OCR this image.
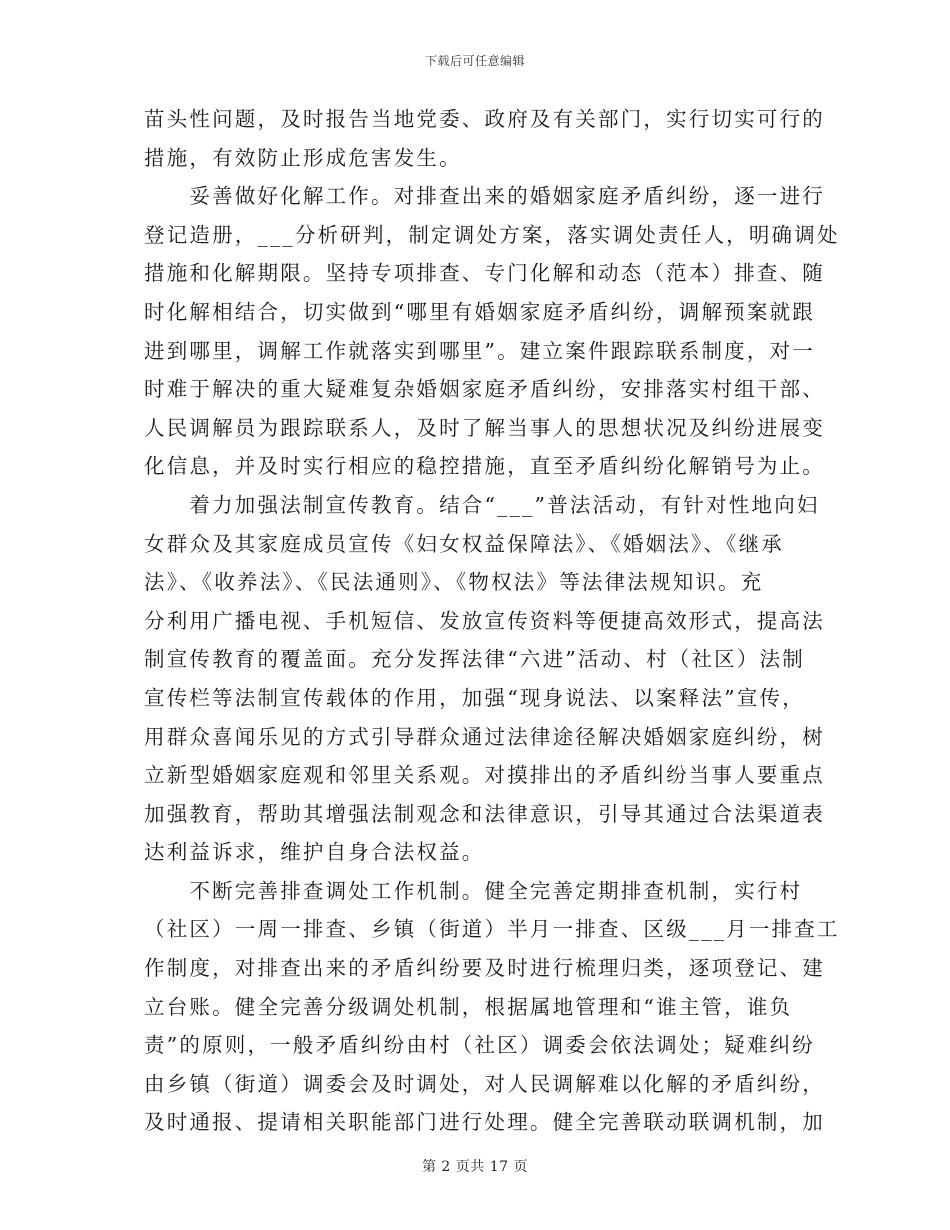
下载后可任意编辑
苗头性问题，及时报告当地党委、政府及有关部门，实行切实可行的
措施，有效防止形成危害发生。
　　妥善做好化解工作。对排查出来的婚姻家庭矛盾纠纷，逐一进行
登记造册，___分析研判，制定调处方案，落实调处责任人，明确调处
措施和化解期限。坚持专项排查、专门化解和动态（范本）排查、随
时化解相结合，切实做到“哪里有婚姻家庭矛盾纠纷，调解预案就跟
进到哪里，调解工作就落实到哪里”。建立案件跟踪联系制度，对一
时难于解决的重大疑难复杂婚姻家庭矛盾纠纷，安排落实村组干部、
人民调解员为跟踪联系人，及时了解当事人的思想状况及纠纷进展变
化信息，并及时实行相应的稳控措施，直至矛盾纠纷化解销号为止。
　　着力加强法制宣传教育。结合“___”普法活动，有针对性地向妇
女群众及其家庭成员宣传《妇女权益保障法》、《婚姻法》、《继承
法》、《收养法》、《民法通则》、《物权法》等法律法规知识。充
分利用广播电视、手机短信、发放宣传资料等便捷高效形式，提高法
制宣传教育的覆盖面。充分发挥法律“六进”活动、村（社区）法制
宣传栏等法制宣传载体的作用，加强“现身说法、以案释法”宣传，
用群众喜闻乐见的方式引导群众通过法律途径解决婚姻家庭纠纷，树
立新型婚姻家庭观和邻里关系观。对摸排出的矛盾纠纷当事人要重点
加强教育，帮助其增强法制观念和法律意识，引导其通过合法渠道表
达利益诉求，维护自身合法权益。
　　不断完善排查调处工作机制。健全完善定期排查机制，实行村
（社区）一周一排查、乡镇（街道）半月一排查、区级___月一排查工
作制度，对排查出来的矛盾纠纷要及时进行梳理归类，逐项登记、建
立台账。健全完善分级调处机制，根据属地管理和“谁主管，谁负
责”的原则，一般矛盾纠纷由村（社区）调委会依法调处；疑难纠纷
由乡镇（街道）调委会及时调处，对人民调解难以化解的矛盾纠纷，
及时通报、提请相关职能部门进行处理。健全完善联动联调机制，加
第 2 页共 17 页
